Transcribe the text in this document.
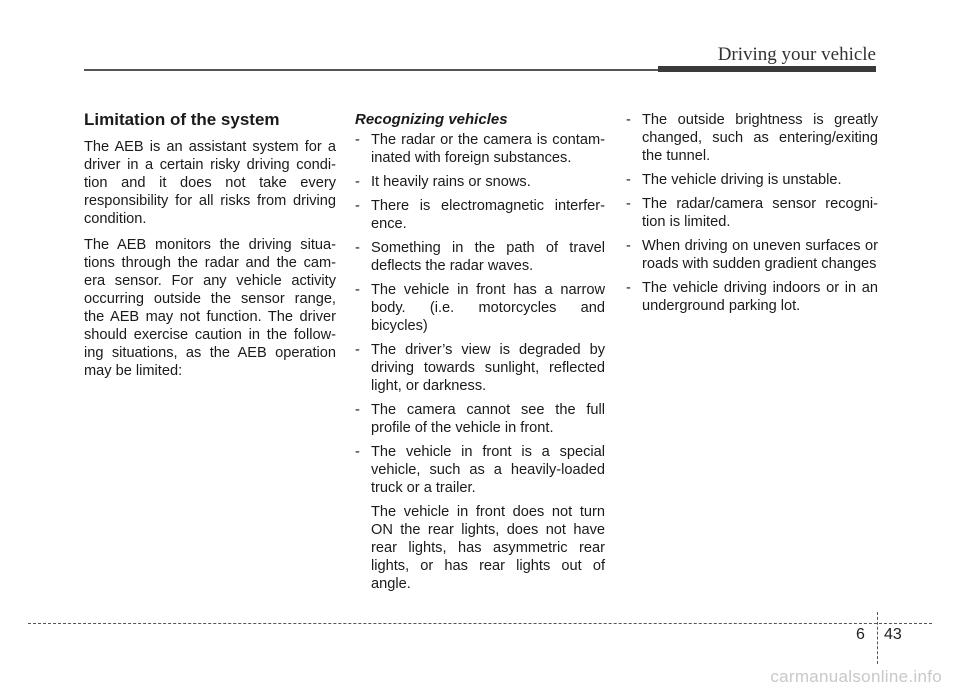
Driving your vehicle
Limitation of the system

The AEB is an assistant system for a driver in a certain risky driving condi- tion and it does not take every responsibility for all risks from driving condition.

The AEB monitors the driving situa- tions through the radar and the cam- era sensor. For any vehicle activity occurring outside the sensor range, the AEB may not function. The driver should exercise caution in the follow- ing situations, as the AEB operation may be limited:

Recognizing vehicles
- The radar or the camera is contam- inated with foreign substances.
- It heavily rains or snows.
- There is electromagnetic interfer- ence.
- Something in the path of travel deflects the radar waves.
- The vehicle in front has a narrow body. (i.e. motorcycles and bicycles)
- The driver’s view is degraded by driving towards sunlight, reflected light, or darkness.
- The camera cannot see the full profile of the vehicle in front.
- The vehicle in front is a special vehicle, such as a heavily-loaded truck or a trailer.

The vehicle in front does not turn ON the rear lights, does not have rear lights, has asymmetric rear lights, or has rear lights out of angle.

- The outside brightness is greatly changed, such as entering/exiting the tunnel.
- The vehicle driving is unstable.
- The radar/camera sensor recogni- tion is limited.
- When driving on uneven surfaces or roads with sudden gradient changes
- The vehicle driving indoors or in an underground parking lot.
6 43
carmanualsonline.info
